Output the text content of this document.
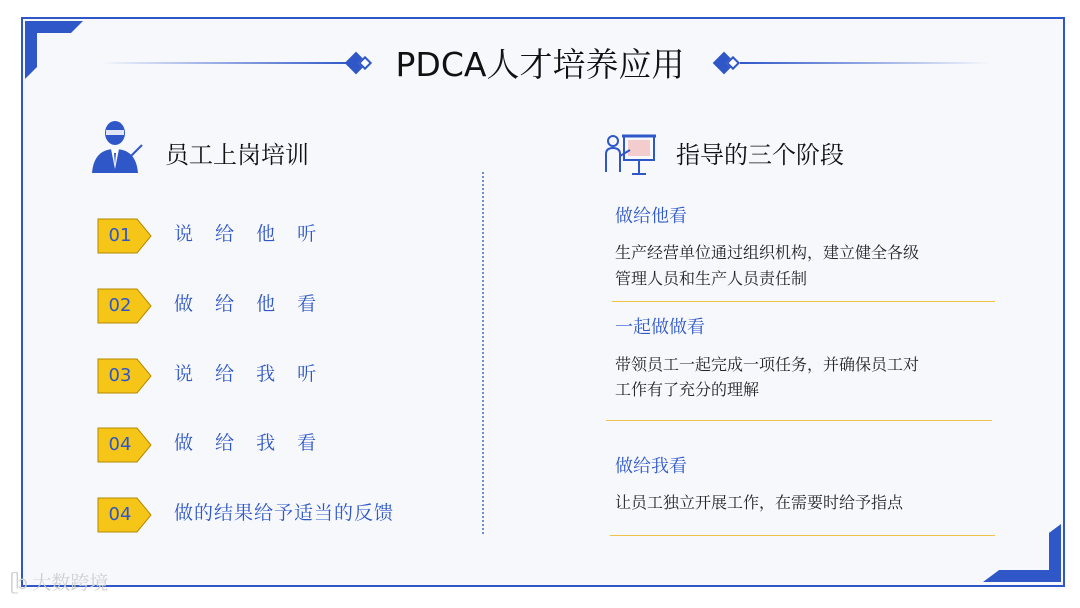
PDCA人才培养应用
员工上岗培训
01	说 给 他 听
02	做 给 他 看
03	说 给 我 听
04	做 给 我 看
04	做的结果给予适当的反馈
指导的三个阶段
做给他看
生产经营单位通过组织机构，建立健全各级
管理人员和生产人员责任制
一起做做看
带领员工一起完成一项任务，并确保员工对
工作有了充分的理解
做给我看
让员工独立开展工作，在需要时给予指点
ᥫᩣ 大数跨境
